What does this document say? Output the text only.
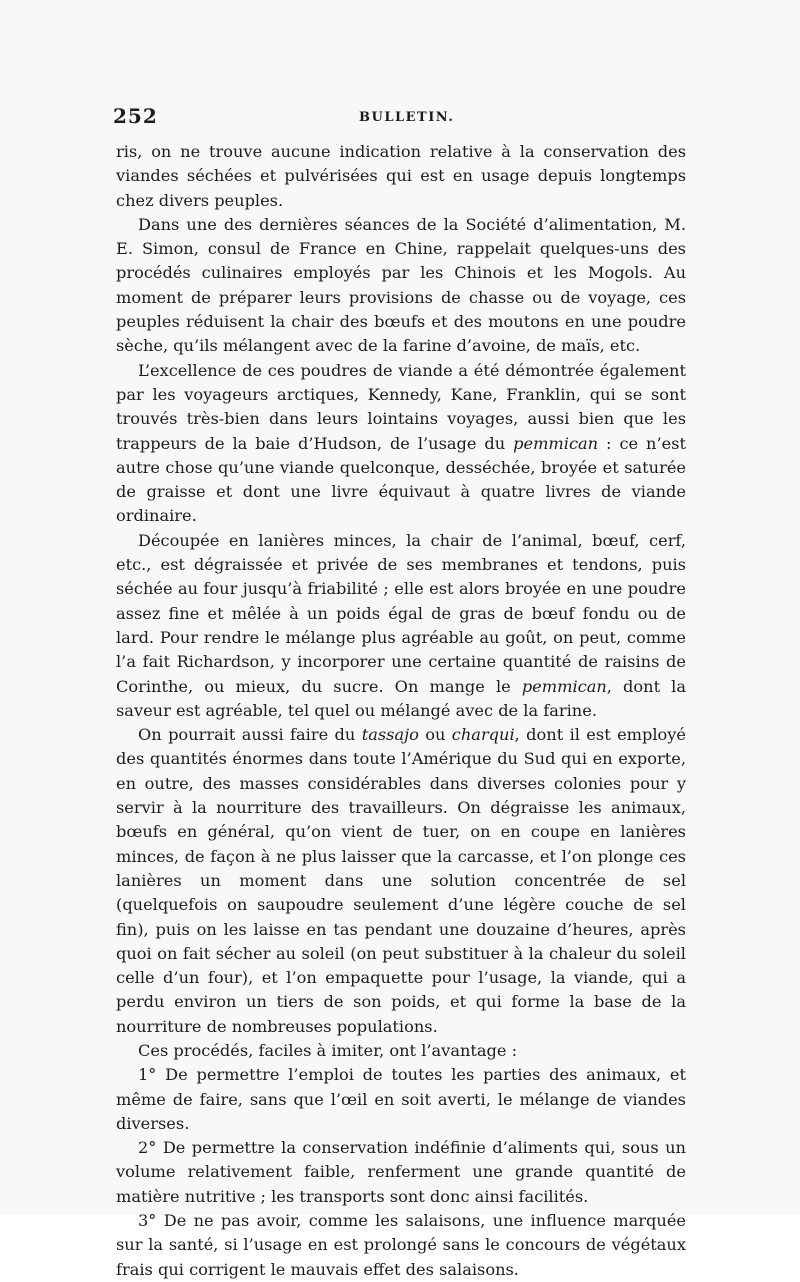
252	BULLETIN.

ris, on ne trouve aucune indication relative à la conservation des viandes séchées et pulvérisées qui est en usage depuis longtemps chez divers peuples.

Dans une des dernières séances de la Société d’alimentation, M. E. Simon, consul de France en Chine, rappelait quelques-uns des procédés culinaires employés par les Chinois et les Mogols. Au moment de préparer leurs provisions de chasse ou de voyage, ces peuples réduisent la chair des bœufs et des moutons en une poudre sèche, qu’ils mélangent avec de la farine d’avoine, de maïs, etc.

L’excellence de ces poudres de viande a été démontrée également par les voyageurs arctiques, Kennedy, Kane, Franklin, qui se sont trouvés très-bien dans leurs lointains voyages, aussi bien que les trappeurs de la baie d’Hudson, de l’usage du pemmican : ce n’est autre chose qu’une viande quelconque, desséchée, broyée et saturée de graisse et dont une livre équivaut à quatre livres de viande ordinaire.

Découpée en lanières minces, la chair de l’animal, bœuf, cerf, etc., est dégraissée et privée de ses membranes et tendons, puis séchée au four jusqu’à friabilité ; elle est alors broyée en une poudre assez fine et mêlée à un poids égal de gras de bœuf fondu ou de lard. Pour rendre le mélange plus agréable au goût, on peut, comme l’a fait Richardson, y incorporer une certaine quantité de raisins de Corinthe, ou mieux, du sucre. On mange le pemmican, dont la saveur est agréable, tel quel ou mélangé avec de la farine.

On pourrait aussi faire du tassajo ou charqui, dont il est employé des quantités énormes dans toute l’Amérique du Sud qui en exporte, en outre, des masses considérables dans diverses colonies pour y servir à la nourriture des travailleurs. On dégraisse les animaux, bœufs en général, qu’on vient de tuer, on en coupe en lanières minces, de façon à ne plus laisser que la carcasse, et l’on plonge ces lanières un moment dans une solution concentrée de sel (quelquefois on saupoudre seulement d’une légère couche de sel fin), puis on les laisse en tas pendant une douzaine d’heures, après quoi on fait sécher au soleil (on peut substituer à la chaleur du soleil celle d’un four), et l’on empaquette pour l’usage, la viande, qui a perdu environ un tiers de son poids, et qui forme la base de la nourriture de nombreuses populations.

Ces procédés, faciles à imiter, ont l’avantage :

1° De permettre l’emploi de toutes les parties des animaux, et même de faire, sans que l’œil en soit averti, le mélange de viandes diverses.

2° De permettre la conservation indéfinie d’aliments qui, sous un volume relativement faible, renferment une grande quantité de matière nutritive ; les transports sont donc ainsi facilités.

3° De ne pas avoir, comme les salaisons, une influence marquée sur la santé, si l’usage en est prolongé sans le concours de végétaux frais qui corrigent le mauvais effet des salaisons.
